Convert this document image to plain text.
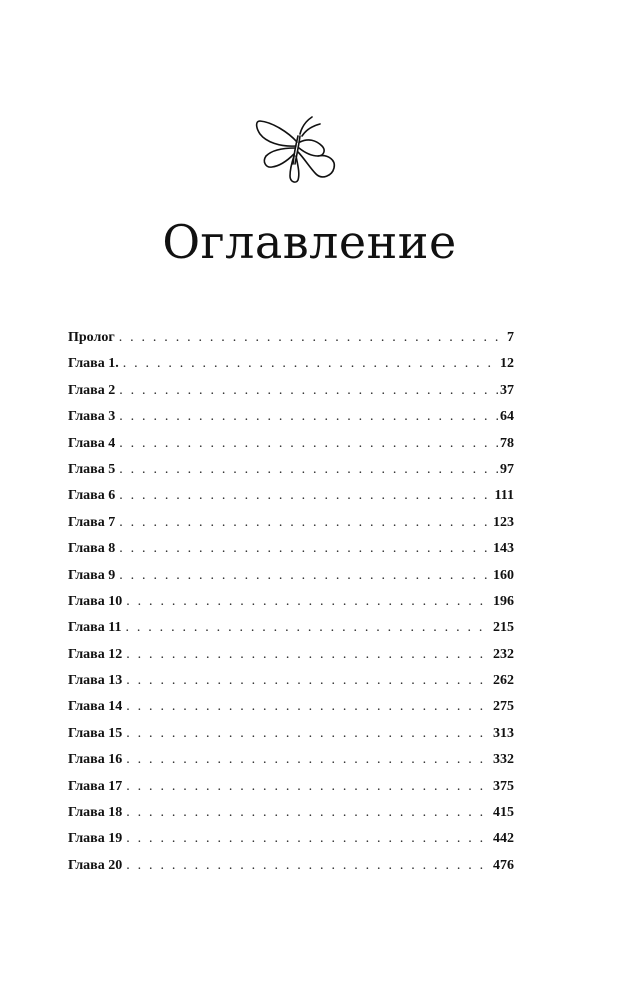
Оглавление
Пролог . . .	7
Глава 1. . . .	12
Глава 2 . . .	37
Глава 3 . . .	64
Глава 4 . . .	78
Глава 5 . . .	97
Глава 6 . . .	111
Глава 7 . . .	123
Глава 8 . . .	143
Глава 9 . . .	160
Глава 10 . . .	196
Глава 11 . . .	215
Глава 12 . . .	232
Глава 13 . . .	262
Глава 14 . . .	275
Глава 15 . . .	313
Глава 16 . . .	332
Глава 17 . . .	375
Глава 18 . . .	415
Глава 19 . . .	442
Глава 20 . . .	476
